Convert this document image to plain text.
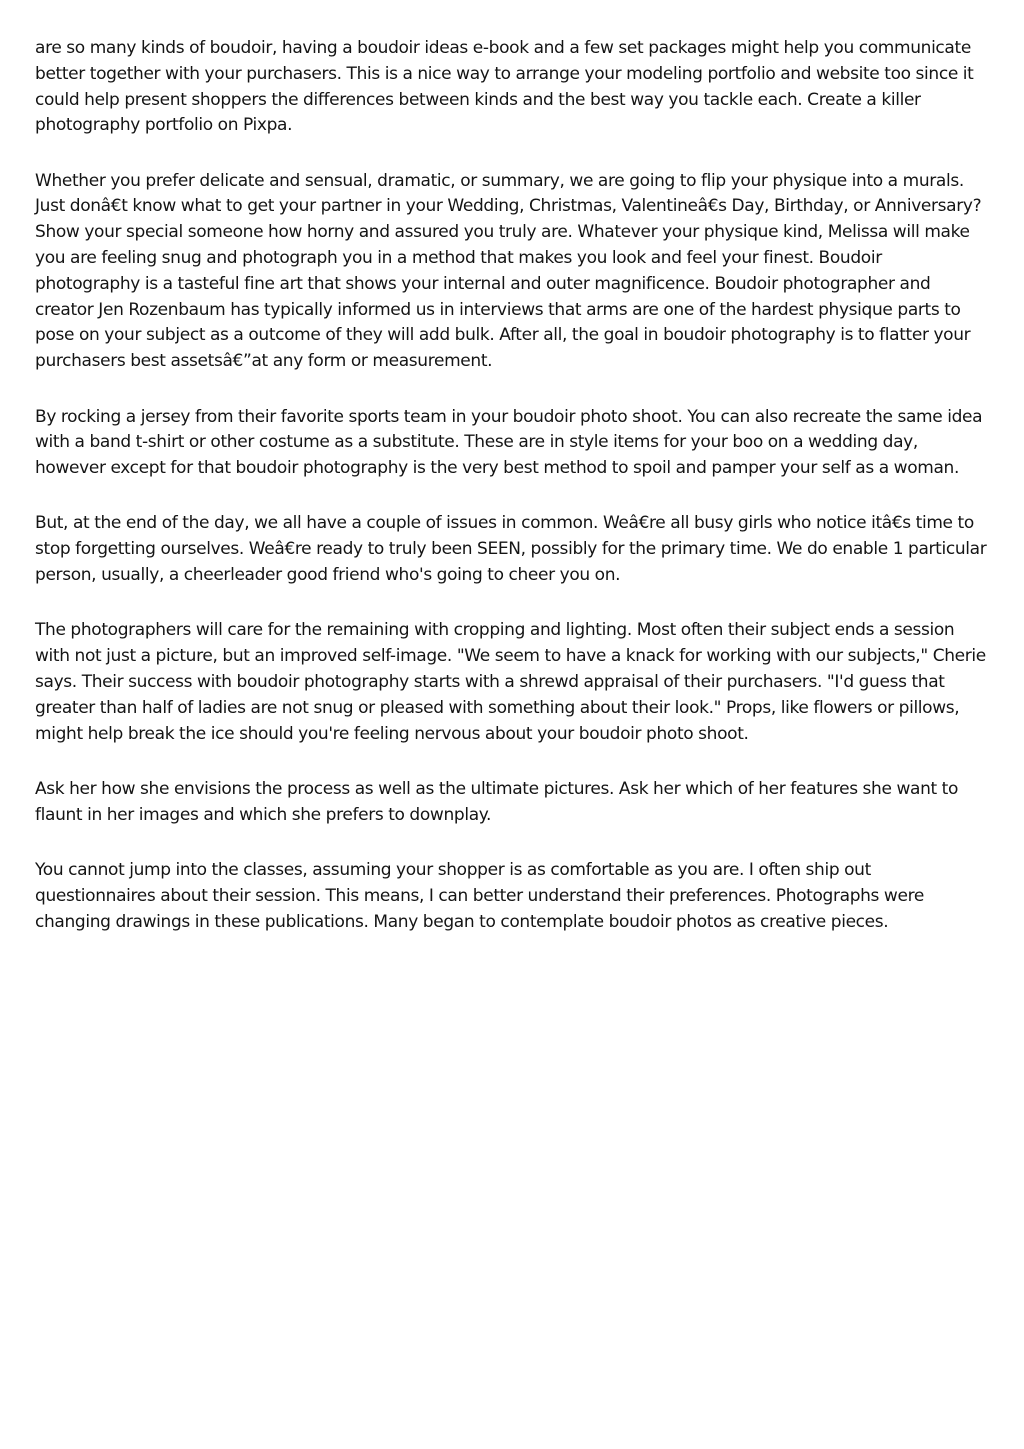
are so many kinds of boudoir, having a boudoir ideas e-book and a few set packages might help you communicate better together with your purchasers. This is a nice way to arrange your modeling portfolio and website too since it could help present shoppers the differences between kinds and the best way you tackle each. Create a killer photography portfolio on Pixpa.

Whether you prefer delicate and sensual, dramatic, or summary, we are going to flip your physique into a murals. Just donâ€t know what to get your partner in your Wedding, Christmas, Valentineâ€s Day, Birthday, or Anniversary? Show your special someone how horny and assured you truly are. Whatever your physique kind, Melissa will make you are feeling snug and photograph you in a method that makes you look and feel your finest. Boudoir photography is a tasteful fine art that shows your internal and outer magnificence. Boudoir photographer and creator Jen Rozenbaum has typically informed us in interviews that arms are one of the hardest physique parts to pose on your subject as a outcome of they will add bulk. After all, the goal in boudoir photography is to flatter your purchasers best assetsâ€”at any form or measurement.

By rocking a jersey from their favorite sports team in your boudoir photo shoot. You can also recreate the same idea with a band t-shirt or other costume as a substitute. These are in style items for your boo on a wedding day, however except for that boudoir photography is the very best method to spoil and pamper your self as a woman.

But, at the end of the day, we all have a couple of issues in common. Weâ€re all busy girls who notice itâ€s time to stop forgetting ourselves. Weâ€re ready to truly been SEEN, possibly for the primary time. We do enable 1 particular person, usually, a cheerleader good friend who's going to cheer you on.

The photographers will care for the remaining with cropping and lighting. Most often their subject ends a session with not just a picture, but an improved self-image. "We seem to have a knack for working with our subjects," Cherie says. Their success with boudoir photography starts with a shrewd appraisal of their purchasers. "I'd guess that greater than half of ladies are not snug or pleased with something about their look." Props, like flowers or pillows, might help break the ice should you're feeling nervous about your boudoir photo shoot.

Ask her how she envisions the process as well as the ultimate pictures. Ask her which of her features she want to flaunt in her images and which she prefers to downplay.

You cannot jump into the classes, assuming your shopper is as comfortable as you are. I often ship out questionnaires about their session. This means, I can better understand their preferences. Photographs were changing drawings in these publications. Many began to contemplate boudoir photos as creative pieces.
